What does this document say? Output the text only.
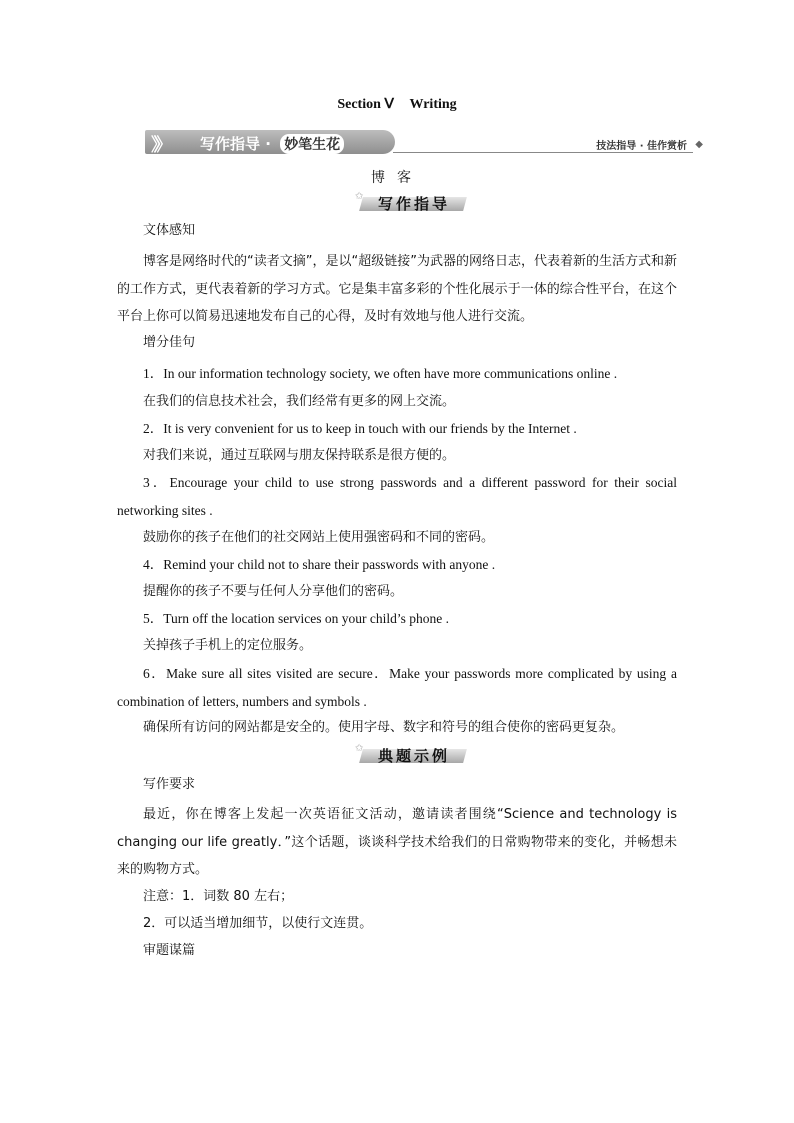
Section Ⅴ Writing
》》 写作指导 · 妙笔生花	技法指导 · 佳作赏析 ◆
博客
✩ 写作指导
文体感知
博客是网络时代的“读者文摘”，是以“超级链接”为武器的网络日志，代表着新的生活方式和新的工作方式，更代表着新的学习方式。它是集丰富多彩的个性化展示于一体的综合性平台，在这个平台上你可以简易迅速地发布自己的心得，及时有效地与他人进行交流。
增分佳句
1．In our information technology society, we often have more communications online .
在我们的信息技术社会，我们经常有更多的网上交流。
2．It is very convenient for us to keep in touch with our friends by the Internet .
对我们来说，通过互联网与朋友保持联系是很方便的。
3．Encourage your child to use strong passwords and a different password for their social networking sites .
鼓励你的孩子在他们的社交网站上使用强密码和不同的密码。
4．Remind your child not to share their passwords with anyone .
提醒你的孩子不要与任何人分享他们的密码。
5．Turn off the location services on your child’s phone .
关掉孩子手机上的定位服务。
6．Make sure all sites visited are secure．Make your passwords more complicated by using a combination of letters, numbers and symbols .
确保所有访问的网站都是安全的。使用字母、数字和符号的组合使你的密码更复杂。
✩ 典题示例
写作要求
最近，你在博客上发起一次英语征文活动，邀请读者围绕“Science and technology is changing our life greatly．”这个话题，谈谈科学技术给我们的日常购物带来的变化，并畅想未来的购物方式。
注意：1．词数 80 左右；
2．可以适当增加细节，以使行文连贯。
审题谋篇
